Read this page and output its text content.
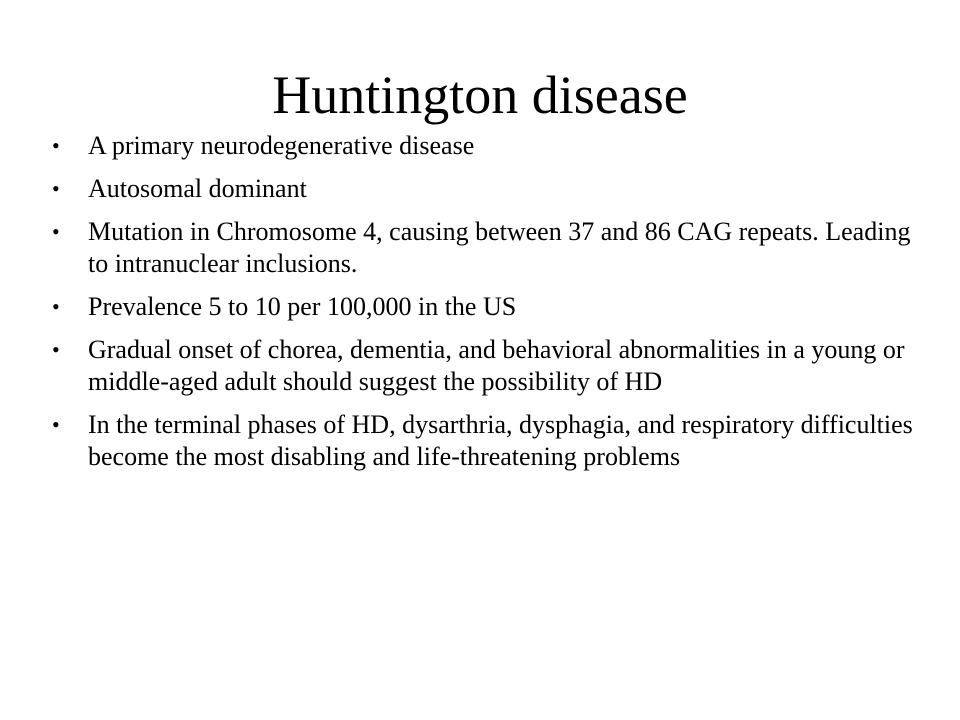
Huntington disease
• A primary neurodegenerative disease
• Autosomal dominant
• Mutation in Chromosome 4, causing between 37 and 86 CAG repeats. Leading to intranuclear inclusions.
• Prevalence 5 to 10 per 100,000 in the US
• Gradual onset of chorea, dementia, and behavioral abnormalities in a young or middle-aged adult should suggest the possibility of HD
• In the terminal phases of HD, dysarthria, dysphagia, and respiratory difficulties become the most disabling and life-threatening problems
